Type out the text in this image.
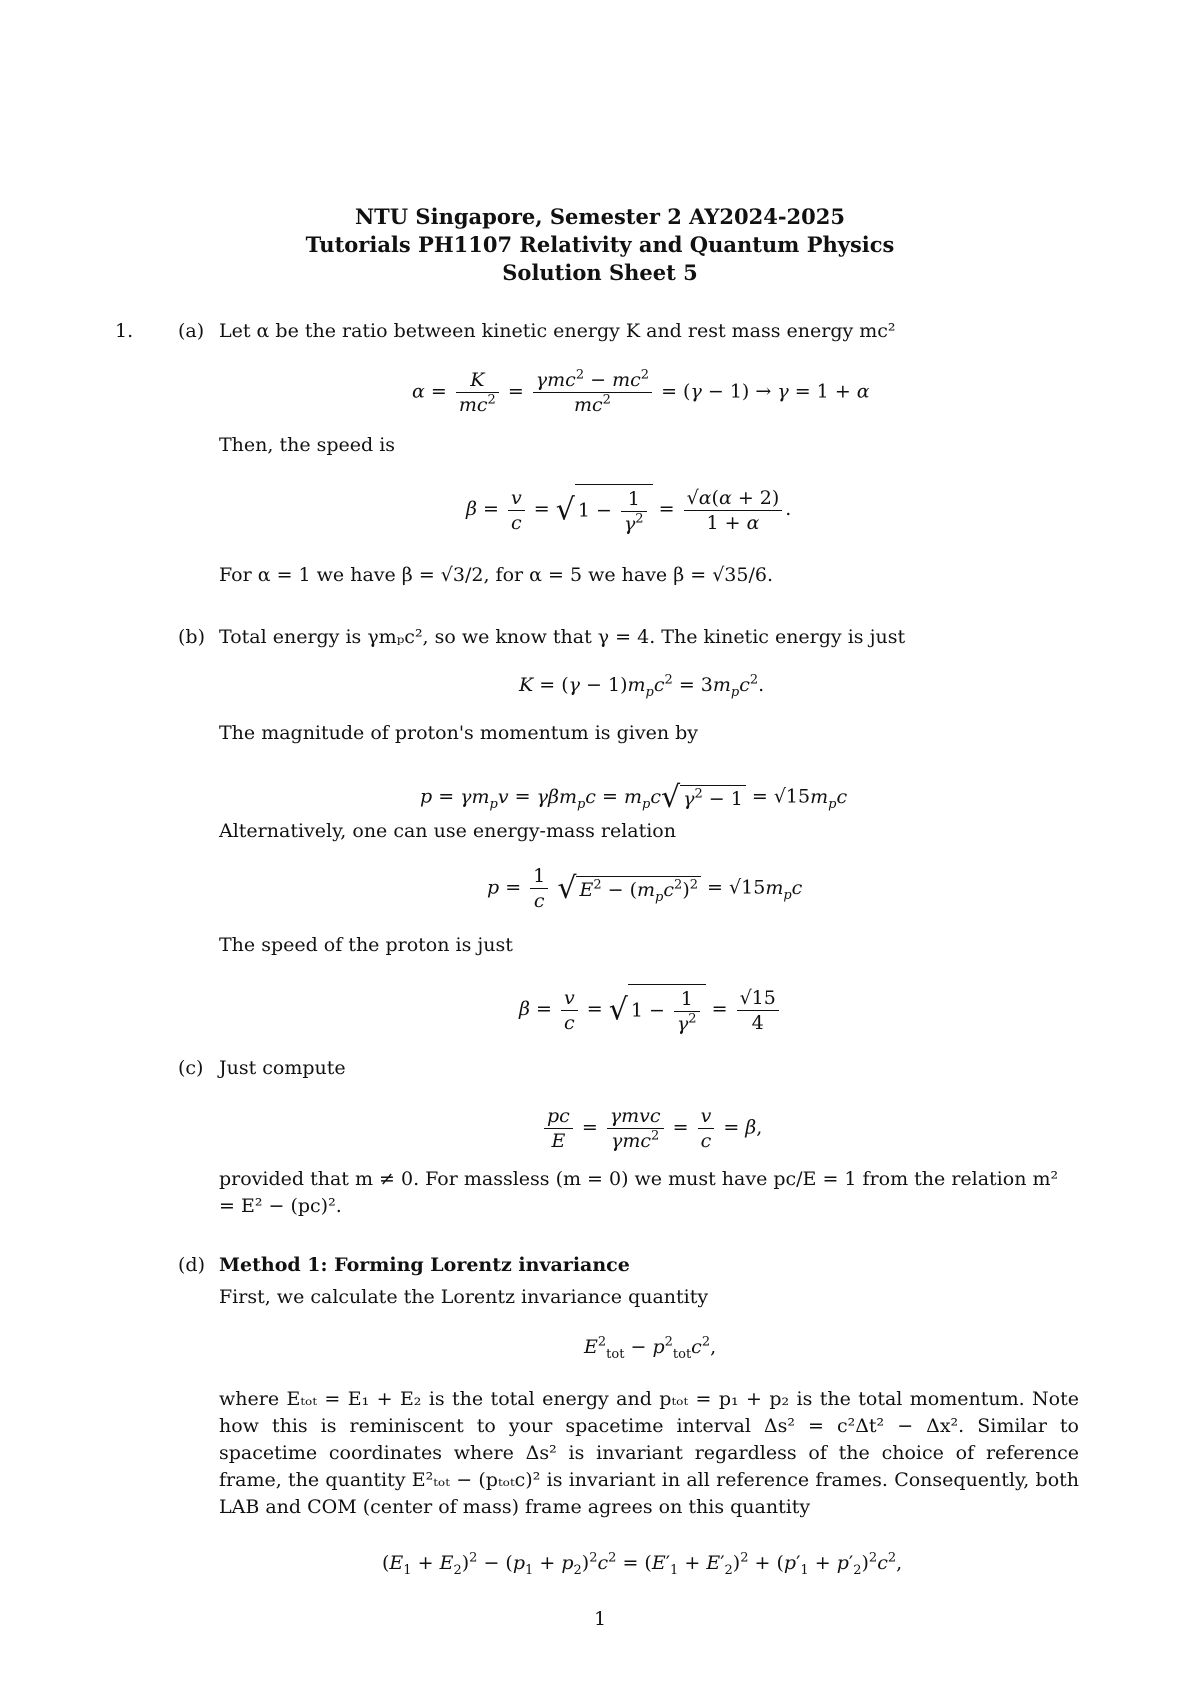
NTU Singapore, Semester 2 AY2024-2025
Tutorials PH1107 Relativity and Quantum Physics
Solution Sheet 5
1. (a) Let α be the ratio between kinetic energy K and rest mass energy mc²
$\alpha = \frac{K}{mc^2} = \frac{\gamma mc^2 - mc^2}{mc^2} = (\gamma - 1) \to \gamma = 1 + \alpha$
Then, the speed is
$\beta = \frac{v}{c}$ = √ $1 - \frac{1}{\gamma^2} = \frac{√\alpha(\alpha + 2)}{1 + \alpha}$ .
For α = 1 we have β = √3/2, for α = 5 we have β = √35/6.
(b) Total energy is γmₚc², so we know that γ = 4. The kinetic energy is just
$K = (\gamma - 1)m_pc^2 = 3m_pc^2$.
The magnitude of proton's momentum is given by
$p = \gamma m_pv = \gamma\beta m_pc = m_pc√$ $\gamma^2 - 1 = √15m_pc$
Alternatively, one can use energy-mass relation
$p = \frac{1}{c}$ √ $E^2 - (m_pc^2)^2 = √15m_pc$
The speed of the proton is just
$\beta = \frac{v}{c}$ = √ $1 - \frac{1}{\gamma^2} = \frac{√15}{4}$
(c) Just compute
$\frac{pc}{E} = \frac{\text{γmvc}}{\gamma mc^2} = \frac{v}{c} = \beta$,
provided that m ≠ 0. For massless (m = 0) we must have pc/E = 1 from the relation m² = E² − (pc)².
(d) Method 1: Forming Lorentz invariance
First, we calculate the Lorentz invariance quantity
$E^2_{tot} - p^2_{tot}c^2$,
where Eₜₒₜ = E₁ + E₂ is the total energy and pₜₒₜ = p₁ + p₂ is the total momentum. Note how this is reminiscent to your spacetime interval Δs² = c²Δt² − Δx². Similar to spacetime coordinates where Δs² is invariant regardless of the choice of reference frame, the quantity E²ₜₒₜ − (pₜₒₜc)² is invariant in all reference frames. Consequently, both LAB and COM (center of mass) frame agrees on this quantity
$(E_1 + E_2)^2 - (p_1 + p_2)^2c^2 = (E'_1 + E'_2)^2 + (p'_1 + p'_2)^2c^2$,
1
